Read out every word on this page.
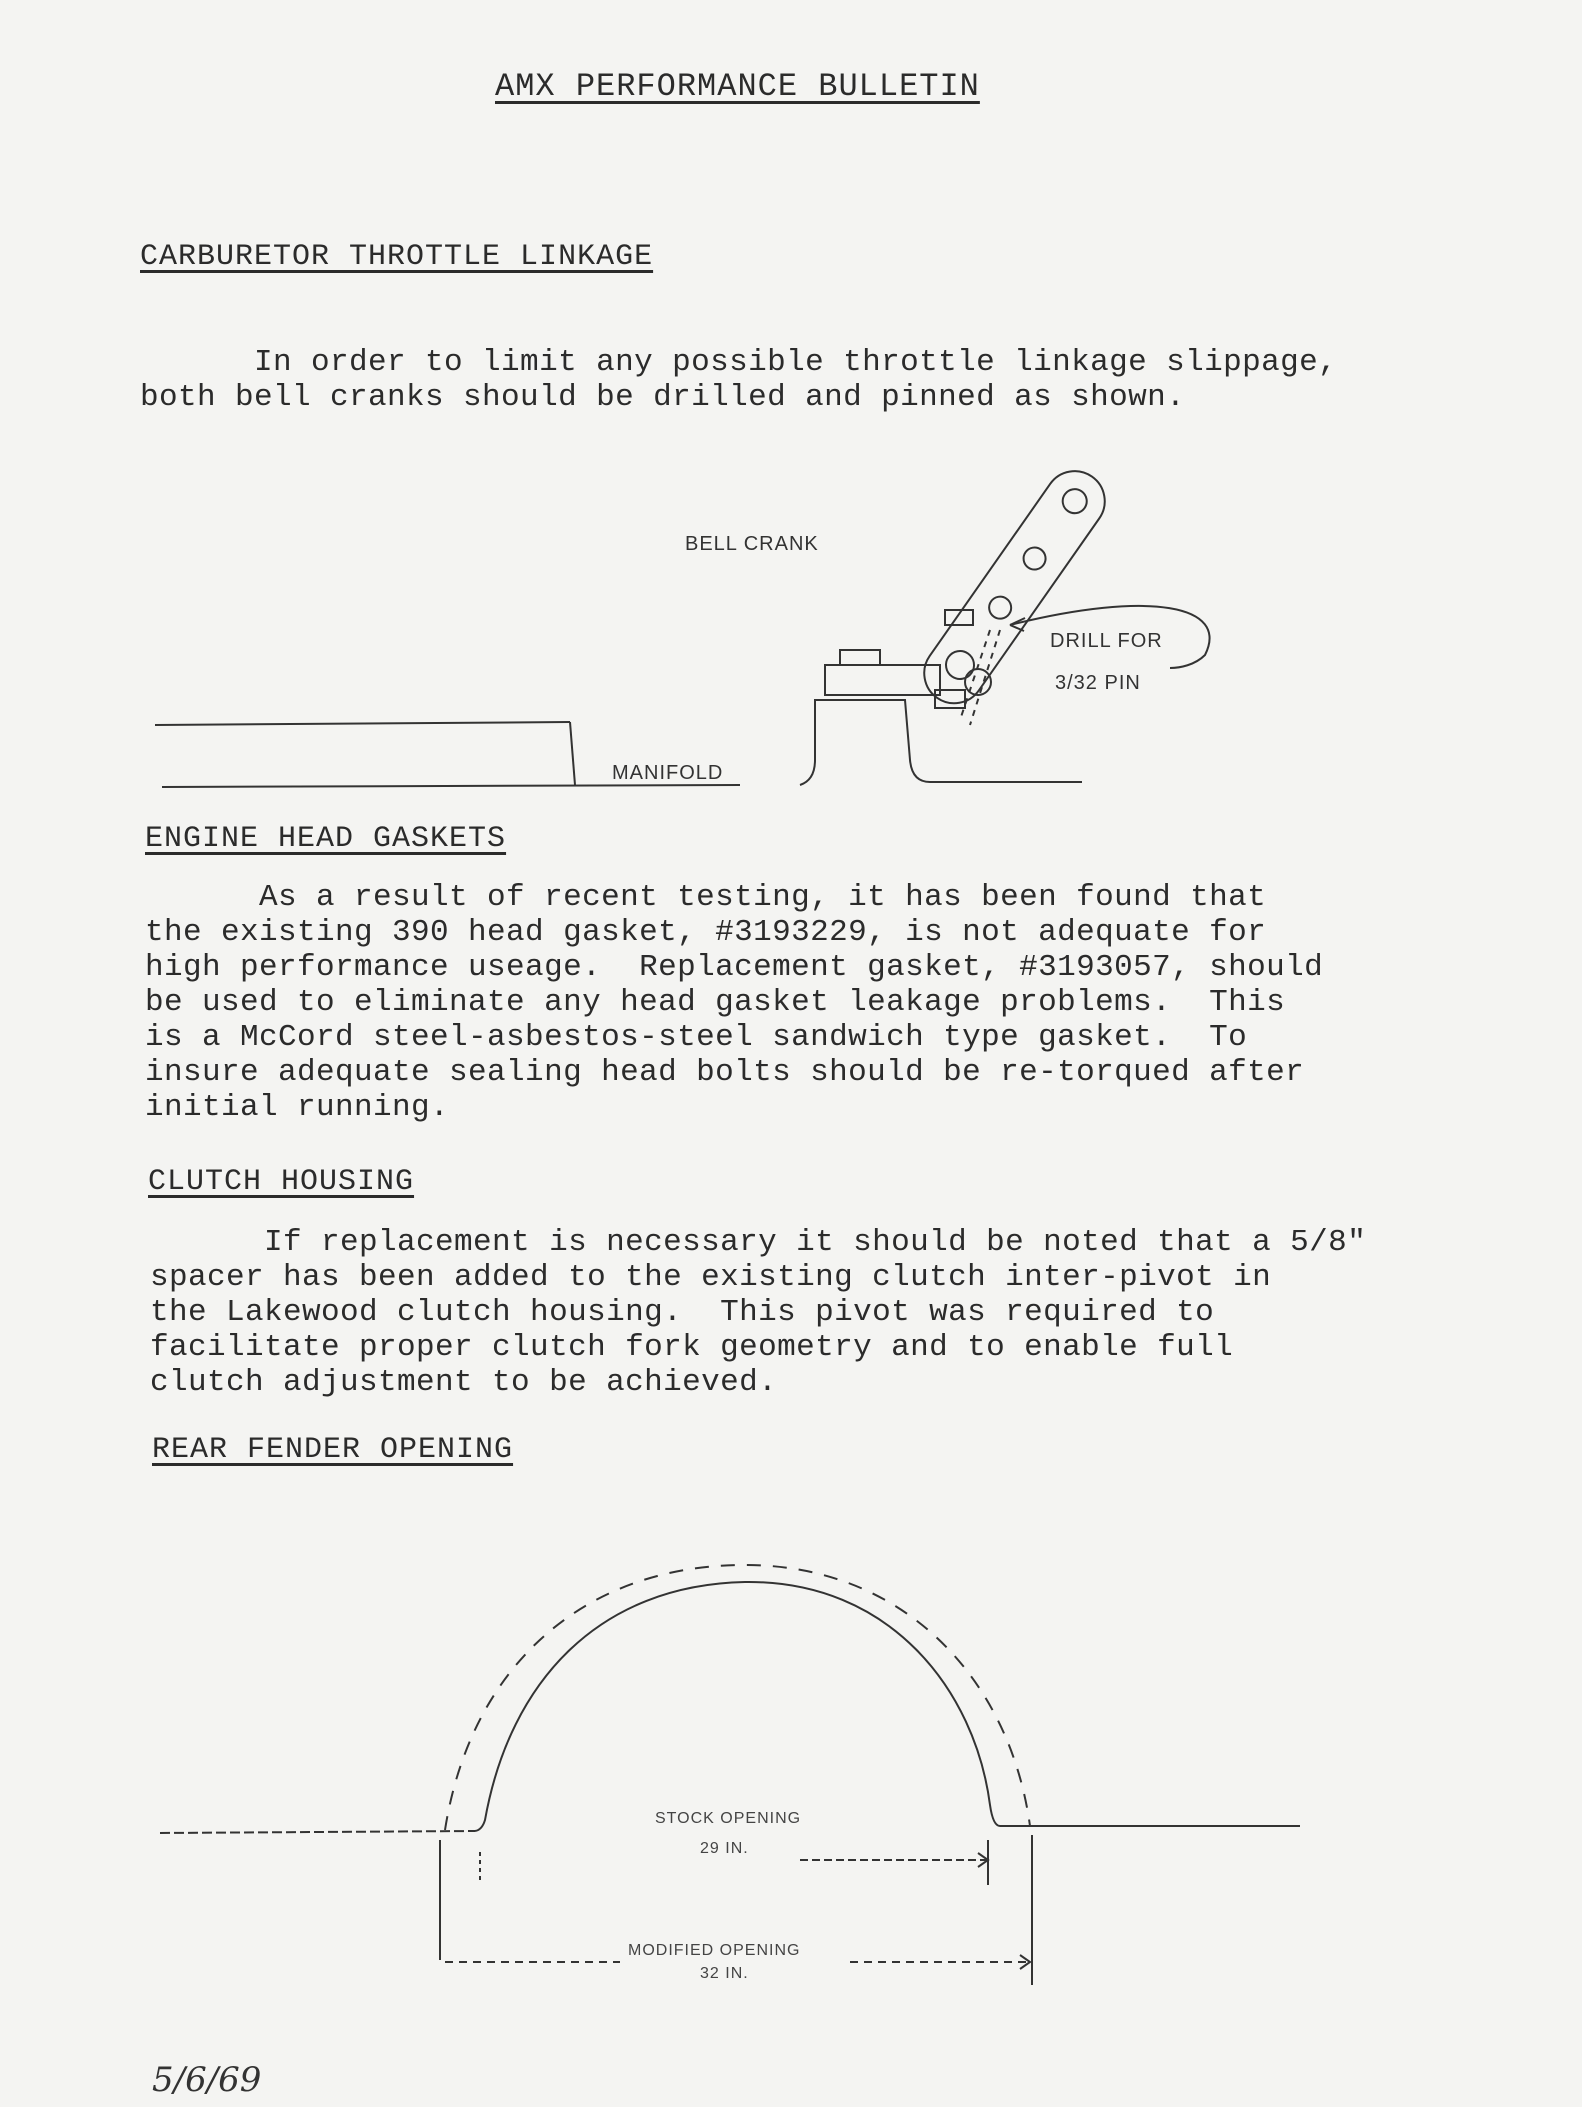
AMX PERFORMANCE BULLETIN
CARBURETOR THROTTLE LINKAGE
In order to limit any possible throttle linkage slippage,
both bell cranks should be drilled and pinned as shown.
BELL CRANK
DRILL FOR
3/32 PIN
MANIFOLD
ENGINE HEAD GASKETS
As a result of recent testing, it has been found that
the existing 390 head gasket, #3193229, is not adequate for
high performance useage.  Replacement gasket, #3193057, should
be used to eliminate any head gasket leakage problems.  This
is a McCord steel-asbestos-steel sandwich type gasket.  To
insure adequate sealing head bolts should be re-torqued after
initial running.
CLUTCH HOUSING
If replacement is necessary it should be noted that a 5/8"
spacer has been added to the existing clutch inter-pivot in
the Lakewood clutch housing.  This pivot was required to
facilitate proper clutch fork geometry and to enable full
clutch adjustment to be achieved.
REAR FENDER OPENING
STOCK OPENING
29 IN.
MODIFIED OPENING
32 IN.
5/6/69
